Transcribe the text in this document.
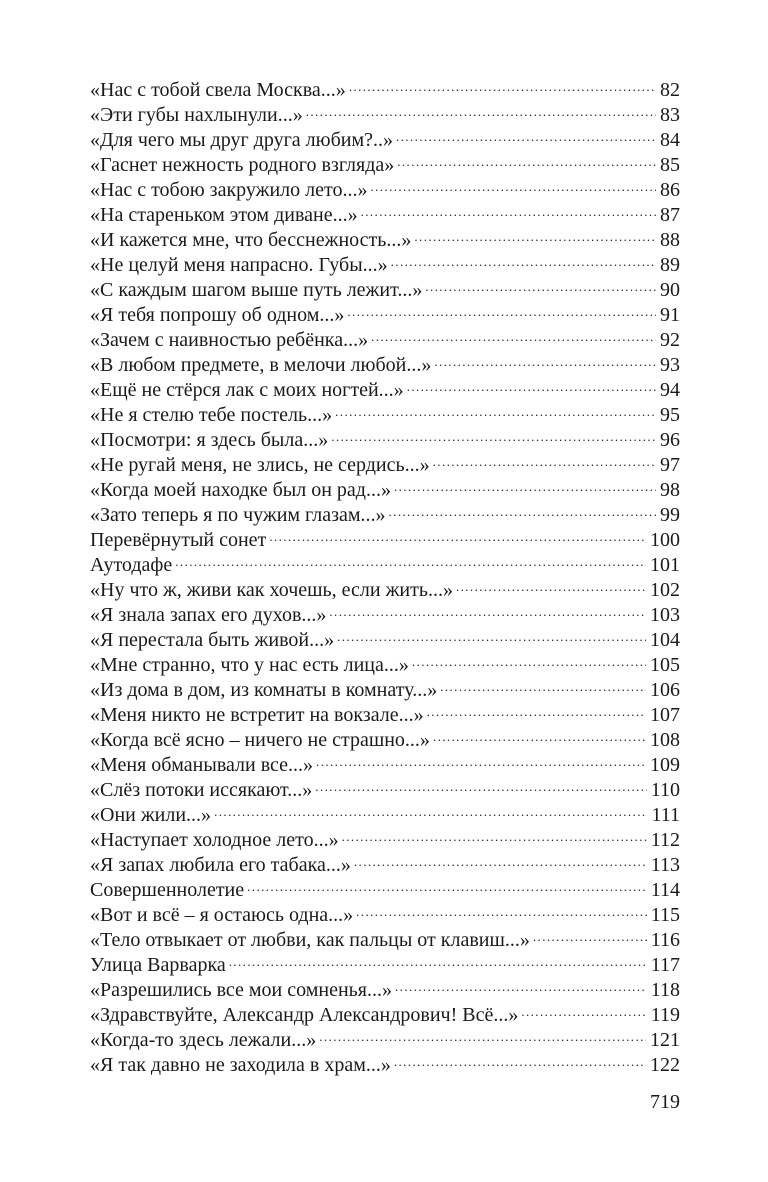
«Нас с тобой свела Москва...» .....	82
«Эти губы нахлынули...» .....	83
«Для чего мы друг друга любим?..» .....	84
«Гаснет нежность родного взгляда» .....	85
«Нас с тобою закружило лето...» .....	86
«На стареньком этом диване...» .....	87
«И кажется мне, что бесснежность...» .....	88
«Не целуй меня напрасно. Губы...» .....	89
«С каждым шагом выше путь лежит...» .....	90
«Я тебя попрошу об одном...» .....	91
«Зачем с наивностью ребёнка...» .....	92
«В любом предмете, в мелочи любой...» .....	93
«Ещё не стёрся лак с моих ногтей...» .....	94
«Не я стелю тебе постель...» .....	95
«Посмотри: я здесь была...» .....	96
«Не ругай меня, не злись, не сердись...» .....	97
«Когда моей находке был он рад...» .....	98
«Зато теперь я по чужим глазам...» .....	99
Перевёрнутый сонет .....	100
Аутодафе .....	101
«Ну что ж, живи как хочешь, если жить...» .....	102
«Я знала запах его духов...» .....	103
«Я перестала быть живой...» .....	104
«Мне странно, что у нас есть лица...» .....	105
«Из дома в дом, из комнаты в комнату...» .....	106
«Меня никто не встретит на вокзале...» .....	107
«Когда всё ясно – ничего не страшно...» .....	108
«Меня обманывали все...» .....	109
«Слёз потоки иссякают...» .....	110
«Они жили...» .....	111
«Наступает холодное лето...» .....	112
«Я запах любила его табака...» .....	113
Совершеннолетие .....	114
«Вот и всё – я остаюсь одна...» .....	115
«Тело отвыкает от любви, как пальцы от клавиш...» .....	116
Улица Варварка .....	117
«Разрешились все мои сомненья...» .....	118
«Здравствуйте, Александр Александрович! Всё...» .....	119
«Когда-то здесь лежали...» .....	121
«Я так давно не заходила в храм...» .....	122
719
